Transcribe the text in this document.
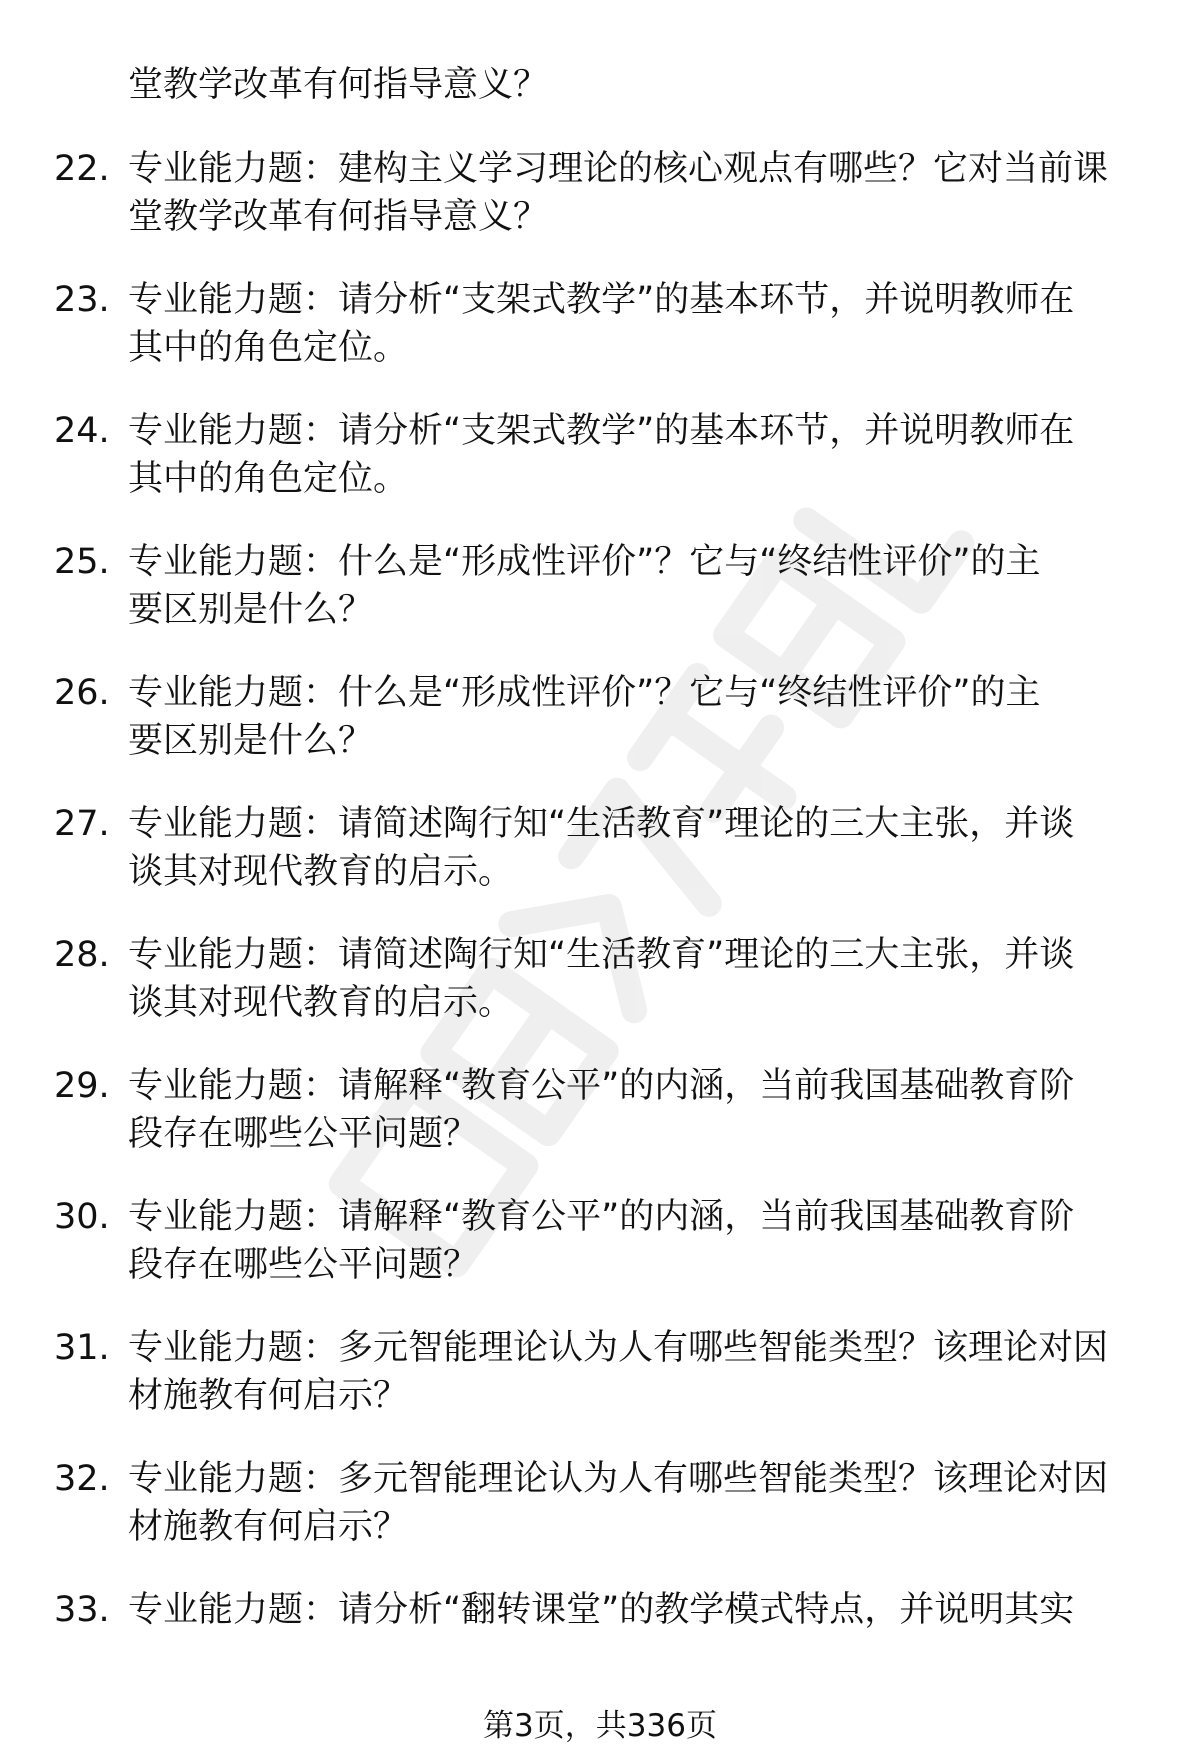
堂教学改革有何指导意义？
22. 专业能力题：建构主义学习理论的核心观点有哪些？它对当前课
堂教学改革有何指导意义？
23. 专业能力题：请分析“支架式教学”的基本环节，并说明教师在
其中的角色定位。
24. 专业能力题：请分析“支架式教学”的基本环节，并说明教师在
其中的角色定位。
25. 专业能力题：什么是“形成性评价”？它与“终结性评价”的主
要区别是什么？
26. 专业能力题：什么是“形成性评价”？它与“终结性评价”的主
要区别是什么？
27. 专业能力题：请简述陶行知“生活教育”理论的三大主张，并谈
谈其对现代教育的启示。
28. 专业能力题：请简述陶行知“生活教育”理论的三大主张，并谈
谈其对现代教育的启示。
29. 专业能力题：请解释“教育公平”的内涵，当前我国基础教育阶
段存在哪些公平问题？
30. 专业能力题：请解释“教育公平”的内涵，当前我国基础教育阶
段存在哪些公平问题？
31. 专业能力题：多元智能理论认为人有哪些智能类型？该理论对因
材施教有何启示？
32. 专业能力题：多元智能理论认为人有哪些智能类型？该理论对因
材施教有何启示？
33. 专业能力题：请分析“翻转课堂”的教学模式特点，并说明其实
第3页，共336页
